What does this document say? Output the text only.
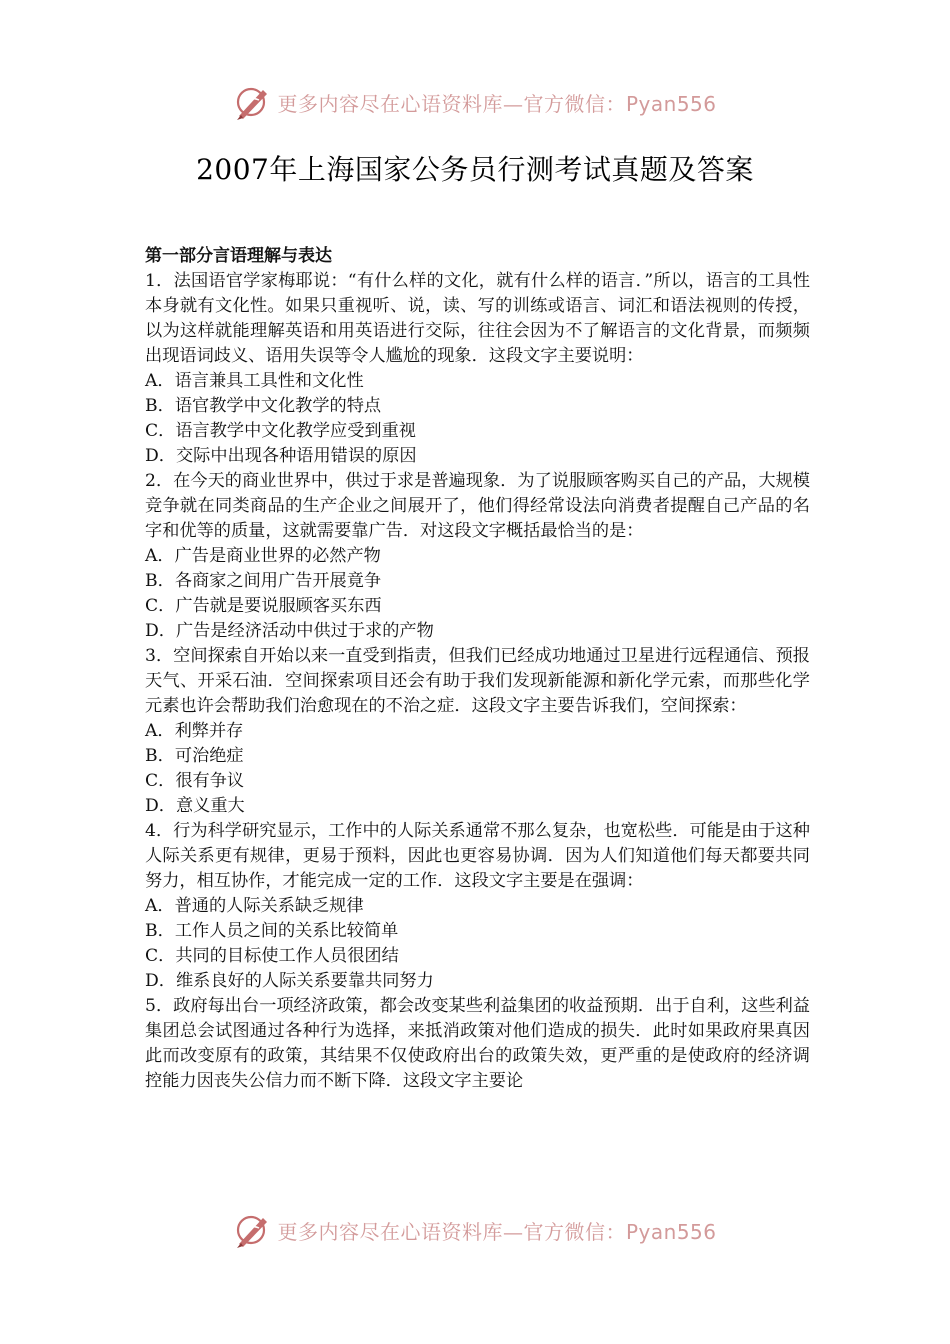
更多内容尽在心语资料库—官方微信：Pyan556
2007年上海国家公务员行测考试真题及答案
第一部分言语理解与表达
1．法国语官学家梅耶说：“有什么样的文化，就有什么样的语言．”所以，语言的工具性本身就有文化性。如果只重视听、说，读、写的训练或语言、词汇和语法视则的传授，以为这样就能理解英语和用英语进行交际，往往会因为不了解语言的文化背景，而频频出现语词歧义、语用失误等令人尴尬的现象．这段文字主要说明：
A．语言兼具工具性和文化性
B．语官教学中文化教学的特点
C．语言教学中文化教学应受到重视
D．交际中出现各种语用错误的原因
2．在今天的商业世界中，供过于求是普遍现象．为了说服顾客购买自己的产品，大规模竞争就在同类商品的生产企业之间展开了，他们得经常设法向消费者提醒自己产品的名字和优等的质量，这就需要靠广告．对这段文字概括最恰当的是：
A．广告是商业世界的必然产物
B．各商家之间用广告开展竟争
C．广告就是要说服顾客买东西
D．广告是经济活动中供过于求的产物
3．空间探索自开始以来一直受到指责，但我们已经成功地通过卫星进行远程通信、预报天气、开采石油．空间探索项目还会有助于我们发现新能源和新化学元索，而那些化学元素也许会帮助我们治愈现在的不治之症．这段文字主要告诉我们，空间探索：
A．利弊并存
B．可治绝症
C．很有争议
D．意义重大
4．行为科学研究显示，工作中的人际关系通常不那么复杂，也宽松些．可能是由于这种人际关系更有规律，更易于预料，因此也更容易协调．因为人们知道他们每天都要共同努力，相互协作，才能完成一定的工作．这段文字主要是在强调：
A．普通的人际关系缺乏规律
B．工作人员之间的关系比较简单
C．共同的目标使工作人员很团结
D．维系良好的人际关系要靠共同努力
5．政府每出台一项经济政策，都会改变某些利益集团的收益预期．出于自利，这些利益集团总会试图通过各种行为选择，来抵消政策对他们造成的损失．此时如果政府果真因此而改变原有的政策，其结果不仅使政府出台的政策失效，更严重的是使政府的经济调控能力因丧失公信力而不断下降．这段文字主要论
更多内容尽在心语资料库—官方微信：Pyan556
